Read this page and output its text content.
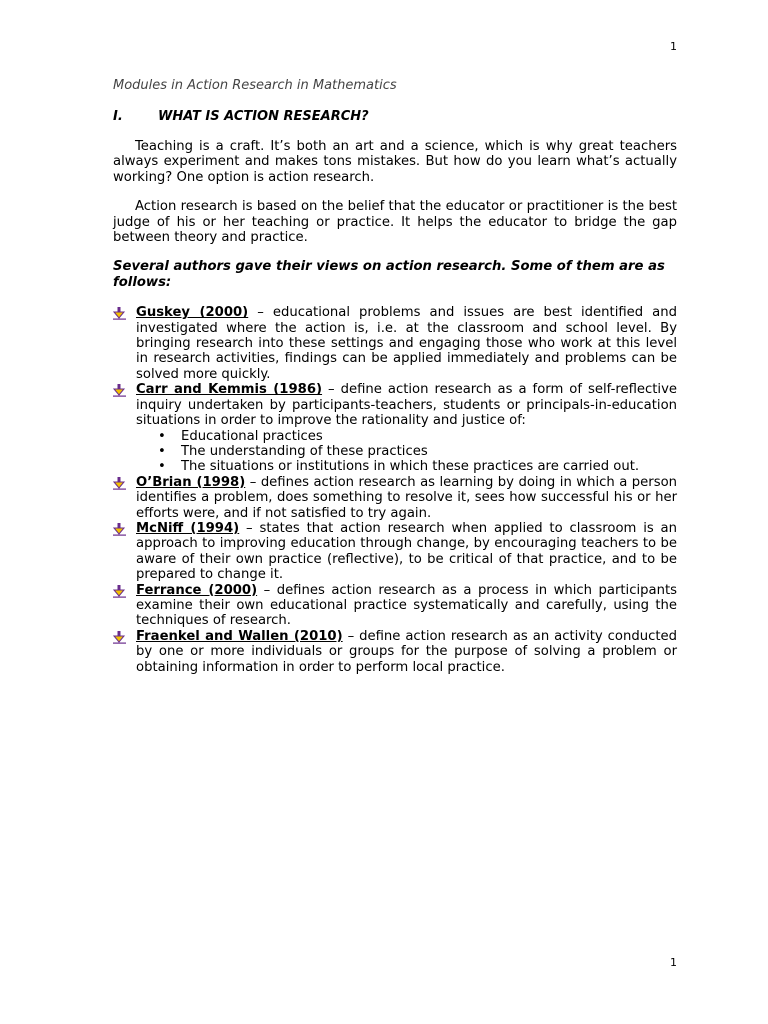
1

Modules in Action Research in Mathematics

I.	WHAT IS ACTION RESEARCH?

Teaching is a craft. It’s both an art and a science, which is why great teachers always experiment and makes tons mistakes. But how do you learn what’s actually working? One option is action research.

Action research is based on the belief that the educator or practitioner is the best judge of his or her teaching or practice. It helps the educator to bridge the gap between theory and practice.

Several authors gave their views on action research. Some of them are as follows:

Guskey (2000) – educational problems and issues are best identified and investigated where the action is, i.e. at the classroom and school level. By bringing research into these settings and engaging those who work at this level in research activities, findings can be applied immediately and problems can be solved more quickly.
Carr and Kemmis (1986) – define action research as a form of self-reflective inquiry undertaken by participants-teachers, students or principals-in-education situations in order to improve the rationality and justice of:
• Educational practices
• The understanding of these practices
• The situations or institutions in which these practices are carried out.
O’Brian (1998) – defines action research as learning by doing in which a person identifies a problem, does something to resolve it, sees how successful his or her efforts were, and if not satisfied to try again.
McNiff (1994) – states that action research when applied to classroom is an approach to improving education through change, by encouraging teachers to be aware of their own practice (reflective), to be critical of that practice, and to be prepared to change it.
Ferrance (2000) – defines action research as a process in which participants examine their own educational practice systematically and carefully, using the techniques of research.
Fraenkel and Wallen (2010) – define action research as an activity conducted by one or more individuals or groups for the purpose of solving a problem or obtaining information in order to perform local practice.
1
